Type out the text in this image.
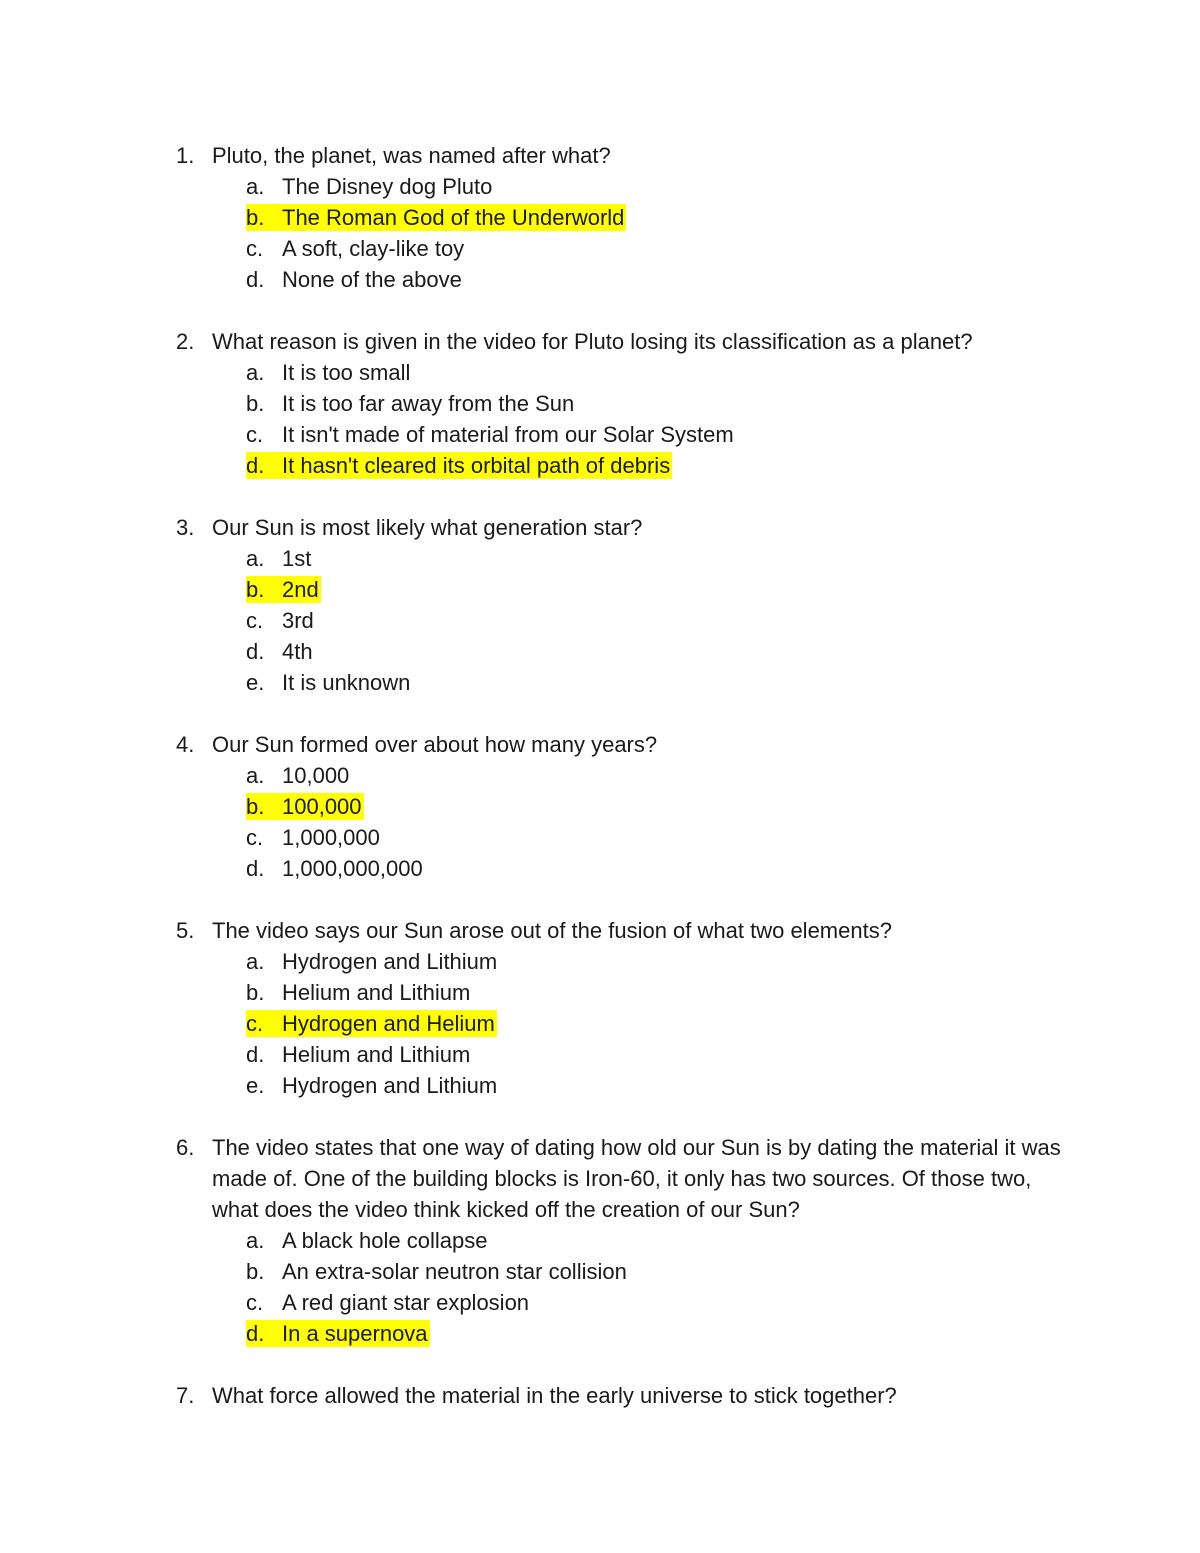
1. Pluto, the planet, was named after what?
a. The Disney dog Pluto
b. The Roman God of the Underworld
c. A soft, clay-like toy
d. None of the above
2. What reason is given in the video for Pluto losing its classification as a planet?
a. It is too small
b. It is too far away from the Sun
c. It isn't made of material from our Solar System
d. It hasn't cleared its orbital path of debris
3. Our Sun is most likely what generation star?
a. 1st
b. 2nd
c. 3rd
d. 4th
e. It is unknown
4. Our Sun formed over about how many years?
a. 10,000
b. 100,000
c. 1,000,000
d. 1,000,000,000
5. The video says our Sun arose out of the fusion of what two elements?
a. Hydrogen and Lithium
b. Helium and Lithium
c. Hydrogen and Helium
d. Helium and Lithium
e. Hydrogen and Lithium
6. The video states that one way of dating how old our Sun is by dating the material it was made of. One of the building blocks is Iron-60, it only has two sources. Of those two, what does the video think kicked off the creation of our Sun?
a. A black hole collapse
b. An extra-solar neutron star collision
c. A red giant star explosion
d. In a supernova
7. What force allowed the material in the early universe to stick together?
